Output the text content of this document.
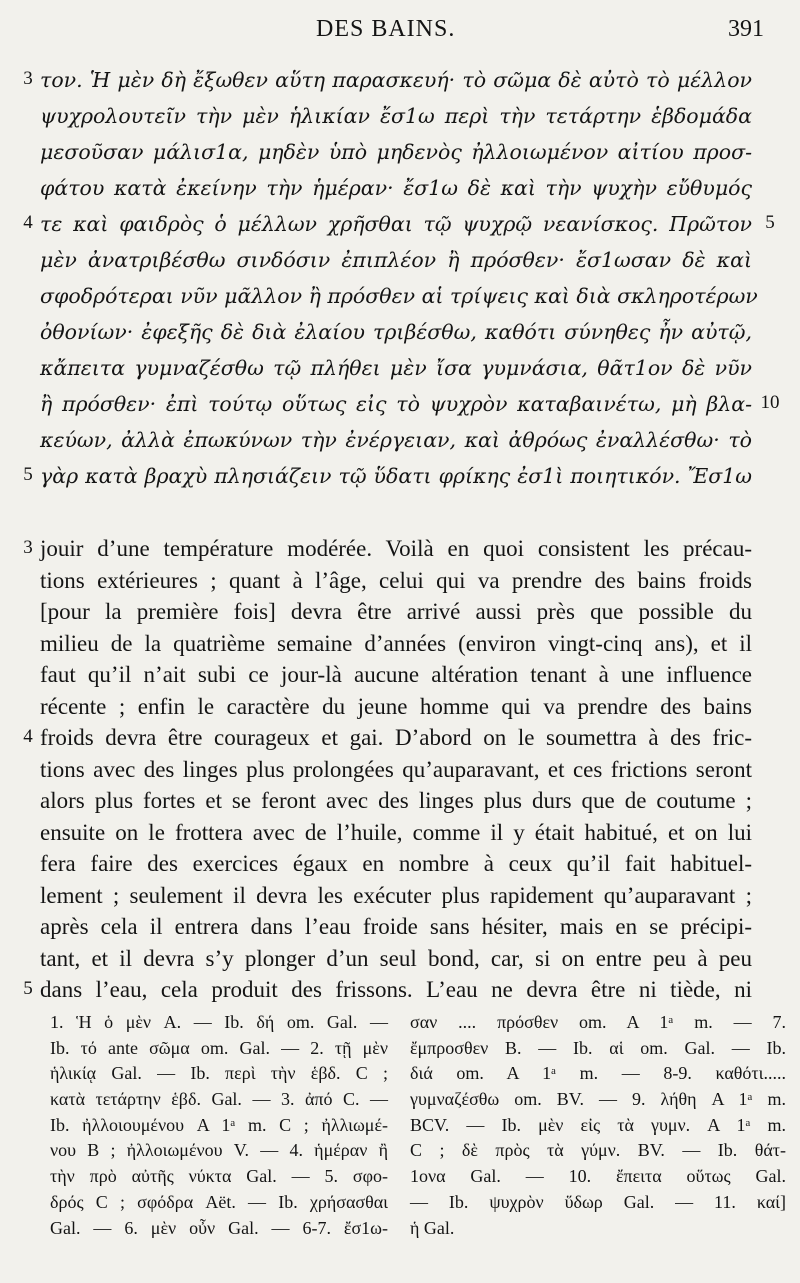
DES BAINS.	391
3 τον. Ἡ μὲν δὴ ἔξωθεν αὕτη παρασκευή· τὸ σῶμα δὲ αὐτὸ τὸ μέλλον
ψυχρολουτεῖν τὴν μὲν ἡλικίαν ἔσ1ω περὶ τὴν τετάρτην ἑβδομάδα
μεσοῦσαν μάλισ1α, μηδὲν ὑπὸ μηδενὸς ἠλλοιωμένον αἰτίου προσ-
φάτου κατὰ ἐκείνην τὴν ἡμέραν· ἔσ1ω δὲ καὶ τὴν ψυχὴν εὔθυμός
4 τε καὶ φαιδρὸς ὁ μέλλων χρῆσθαι τῷ ψυχρῷ νεανίσκος. Πρῶτον 5
μὲν ἀνατριβέσθω σινδόσιν ἐπιπλέον ἢ πρόσθεν· ἔσ1ωσαν δὲ καὶ
σφοδρότεραι νῦν μᾶλλον ἢ πρόσθεν αἱ τρίψεις καὶ διὰ σκληροτέρων
ὀθονίων· ἐφεξῆς δὲ διὰ ἐλαίου τριβέσθω, καθότι σύνηθες ἦν αὐτῷ,
κἄπειτα γυμναζέσθω τῷ πλήθει μὲν ἴσα γυμνάσια, θᾶτ1ον δὲ νῦν
ἢ πρόσθεν· ἐπὶ τούτῳ οὕτως εἰς τὸ ψυχρὸν καταβαινέτω, μὴ βλα- 10
κεύων, ἀλλὰ ἐπωκύνων τὴν ἐνέργειαν, καὶ ἀθρόως ἐναλλέσθω· τὸ
5 γὰρ κατὰ βραχὺ πλησιάζειν τῷ ὕδατι φρίκης ἐσ1ὶ ποιητικόν. Ἔσ1ω
3 jouir d’une température modérée. Voilà en quoi consistent les précau-
tions extérieures ; quant à l’âge, celui qui va prendre des bains froids
[pour la première fois] devra être arrivé aussi près que possible du
milieu de la quatrième semaine d’années (environ vingt-cinq ans), et il
faut qu’il n’ait subi ce jour-là aucune altération tenant à une influence
récente ; enfin le caractère du jeune homme qui va prendre des bains
4 froids devra être courageux et gai. D’abord on le soumettra à des fric-
tions avec des linges plus prolongées qu’auparavant, et ces frictions seront
alors plus fortes et se feront avec des linges plus durs que de coutume ;
ensuite on le frottera avec de l’huile, comme il y était habitué, et on lui
fera faire des exercices égaux en nombre à ceux qu’il fait habituel-
lement ; seulement il devra les exécuter plus rapidement qu’auparavant ;
après cela il entrera dans l’eau froide sans hésiter, mais en se précipi-
tant, et il devra s’y plonger d’un seul bond, car, si on entre peu à peu
5 dans l’eau, cela produit des frissons. L’eau ne devra être ni tiède, ni
1. Ἡ ὁ μὲν A. — Ib. δή om. Gal. —
Ib. τό ante σῶμα om. Gal. — 2. τῇ μὲν
ἡλικίᾳ Gal. — Ib. περὶ τὴν ἑβδ. C ;
κατὰ τετάρτην ἑβδ. Gal. — 3. ἀπό C. —
Ib. ἠλλοιουμένου A 1ᵃ m. C ; ἠλλιωμέ-
νου B ; ἠλλοιωμένου V. — 4. ἡμέραν ἢ
τὴν πρὸ αὐτῆς νύκτα Gal. — 5. σφο-
δρός C ; σφόδρα Aët. — Ib. χρήσασθαι
Gal. — 6. μὲν οὖν Gal. — 6-7. ἔσ1ω-
σαν .... πρόσθεν om. A 1ᵃ m. — 7.
ἔμπροσθεν B. — Ib. αἱ om. Gal. — Ib.
διά om. A 1ᵃ m. — 8-9. καθότι.....
γυμναζέσθω om. BV. — 9. λήθη A 1ᵃ m.
BCV. — Ib. μὲν εἰς τὰ γυμν. A 1ᵃ m.
C ; δὲ πρὸς τὰ γύμν. BV. — Ib. θάτ-
1ονα Gal. — 10. ἔπειτα οὕτως Gal.
— Ib. ψυχρὸν ὕδωρ Gal. — 11. καί]
ἡ Gal.
